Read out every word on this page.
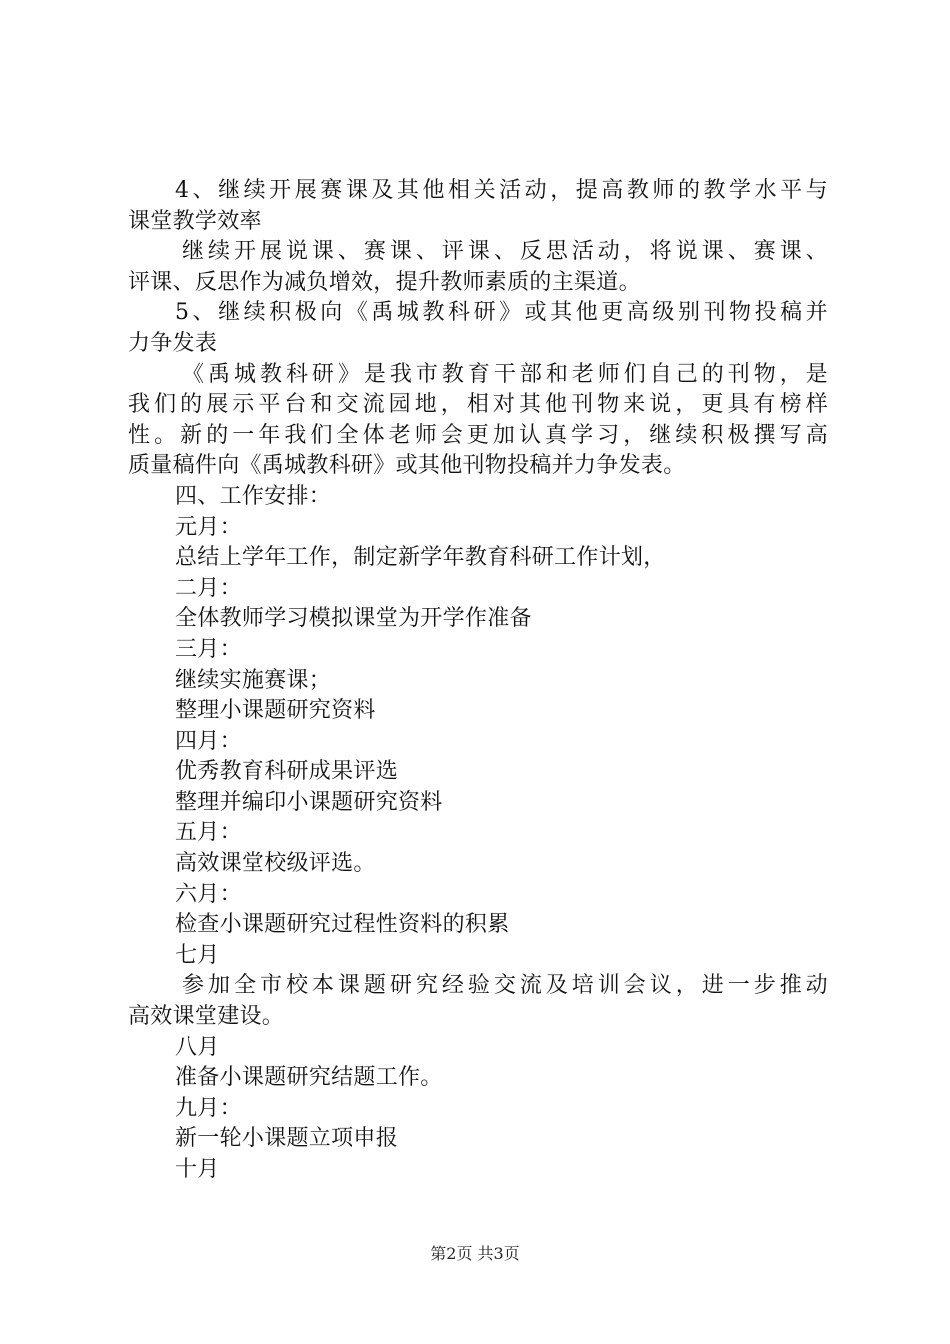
4、继续开展赛课及其他相关活动，提高教师的教学水平与
课堂教学效率
继续开展说课、赛课、评课、反思活动，将说课、赛课、
评课、反思作为减负增效，提升教师素质的主渠道。
5、继续积极向《禹城教科研》或其他更高级别刊物投稿并
力争发表
《禹城教科研》是我市教育干部和老师们自己的刊物，是
我们的展示平台和交流园地，相对其他刊物来说，更具有榜样
性。新的一年我们全体老师会更加认真学习，继续积极撰写高
质量稿件向《禹城教科研》或其他刊物投稿并力争发表。
四、工作安排：
元月：
总结上学年工作，制定新学年教育科研工作计划，
二月：
全体教师学习模拟课堂为开学作准备
三月：
继续实施赛课；
整理小课题研究资料
四月：
优秀教育科研成果评选
整理并编印小课题研究资料
五月：
高效课堂校级评选。
六月：
检查小课题研究过程性资料的积累
七月
参加全市校本课题研究经验交流及培训会议，进一步推动
高效课堂建设。
八月
准备小课题研究结题工作。
九月：
新一轮小课题立项申报
十月
第2页 共3页
